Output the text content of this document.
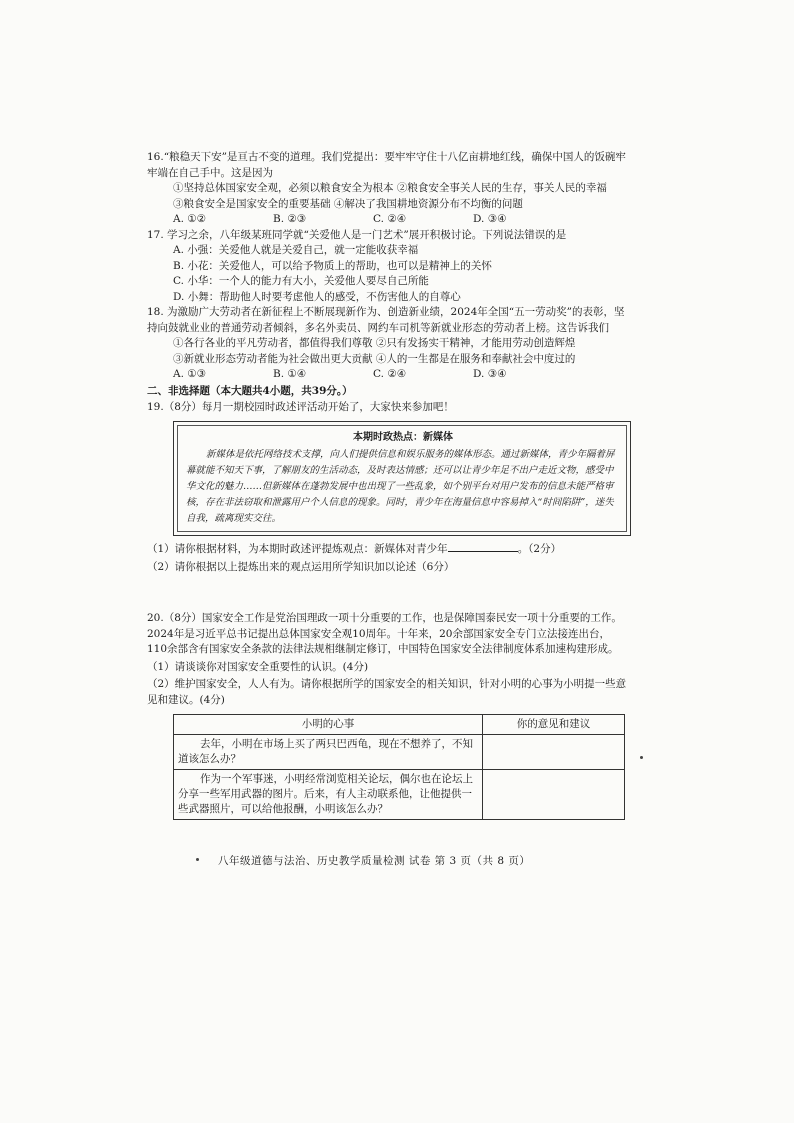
16.“粮稳天下安”是亘古不变的道理。我们党提出：要牢牢守住十八亿亩耕地红线，确保中国人的饭碗牢牢端在自己手中。这是因为
①坚持总体国家安全观，必须以粮食安全为根本 ②粮食安全事关人民的生存，事关人民的幸福
③粮食安全是国家安全的重要基础 ④解决了我国耕地资源分布不均衡的问题
A. ①②	B. ②③	C. ②④	D. ③④
17. 学习之余，八年级某班同学就“关爱他人是一门艺术”展开积极讨论。下列说法错误的是
A. 小强：关爱他人就是关爱自己，就一定能收获幸福
B. 小花：关爱他人，可以给予物质上的帮助，也可以是精神上的关怀
C. 小华：一个人的能力有大小，关爱他人要尽自己所能
D. 小舞：帮助他人时要考虑他人的感受，不伤害他人的自尊心
18. 为激励广大劳动者在新征程上不断展现新作为、创造新业绩，2024年全国“五一劳动奖”的表彰，坚持向鼓就业业的普通劳动者倾斜，多名外卖员、网约车司机等新就业形态的劳动者上榜。这告诉我们
①各行各业的平凡劳动者，都值得我们尊敬 ②只有发扬实干精神，才能用劳动创造辉煌
③新就业形态劳动者能为社会做出更大贡献 ④人的一生都是在服务和奉献社会中度过的
A. ①③	B. ①④	C. ②④	D. ③④
二、非选择题（本大题共4小题，共39分。）
19.（8分）每月一期校园时政述评活动开始了，大家快来参加吧！
本期时政热点：新媒体
新媒体是依托网络技术支撑，向人们提供信息和娱乐服务的媒体形态。通过新媒体，青少年隔着屏幕就能不知天下事，了解朋友的生活动态，及时表达情感；还可以让青少年足不出户走近文物，感受中华文化的魅力……但新媒体在蓬勃发展中也出现了一些乱象，如个别平台对用户发布的信息未能严格审核，存在非法窃取和泄露用户个人信息的现象。同时，青少年在海量信息中容易掉入“时间陷阱”，迷失自我，疏离现实交往。
（1）请你根据材料，为本期时政述评提炼观点：新媒体对青少年	。（2分）
（2）请你根据以上提炼出来的观点运用所学知识加以论述（6分）
20.（8分）国家安全工作是党治国理政一项十分重要的工作，也是保障国泰民安一项十分重要的工作。2024年是习近平总书记提出总体国家安全观10周年。十年来，20余部国家安全专门立法接连出台，110余部含有国家安全条款的法律法规相继制定修订，中国特色国家安全法律制度体系加速构建形成。
（1）请谈谈你对国家安全重要性的认识。(4分)
（2）维护国家安全，人人有为。请你根据所学的国家安全的相关知识，针对小明的心事为小明提一些意见和建议。(4分)
小明的心事	你的意见和建议
去年，小明在市场上买了两只巴西龟，现在不想养了，不知道该怎么办？	
作为一个军事迷，小明经常浏览相关论坛，偶尔也在论坛上分享一些军用武器的图片。后来，有人主动联系他，让他提供一些武器照片，可以给他报酬，小明该怎么办？	
八年级道德与法治、历史教学质量检测 试卷 第 3 页（共 8 页）
